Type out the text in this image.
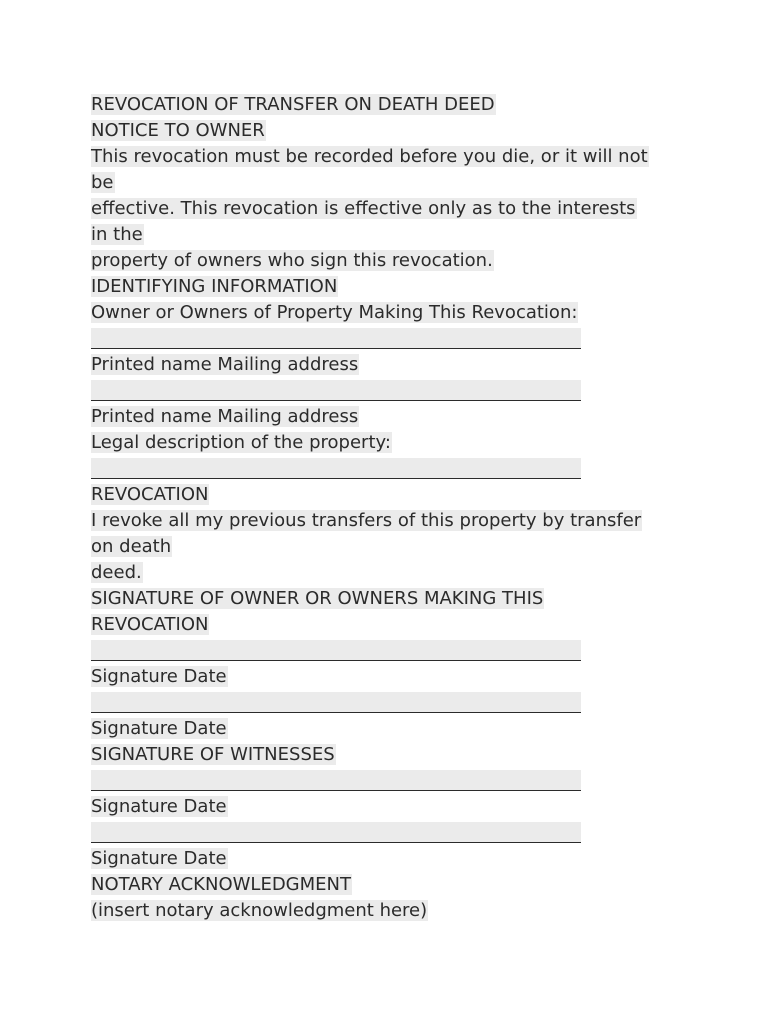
REVOCATION OF TRANSFER ON DEATH DEED
NOTICE TO OWNER
This revocation must be recorded before you die, or it will not
be
effective. This revocation is effective only as to the interests
in the
property of owners who sign this revocation.
IDENTIFYING INFORMATION
Owner or Owners of Property Making This Revocation:
Printed name Mailing address
Printed name Mailing address
Legal description of the property:
REVOCATION
I revoke all my previous transfers of this property by transfer
on death
deed.
SIGNATURE OF OWNER OR OWNERS MAKING THIS
REVOCATION
Signature Date
Signature Date
SIGNATURE OF WITNESSES
Signature Date
Signature Date
NOTARY ACKNOWLEDGMENT
(insert notary acknowledgment here)
